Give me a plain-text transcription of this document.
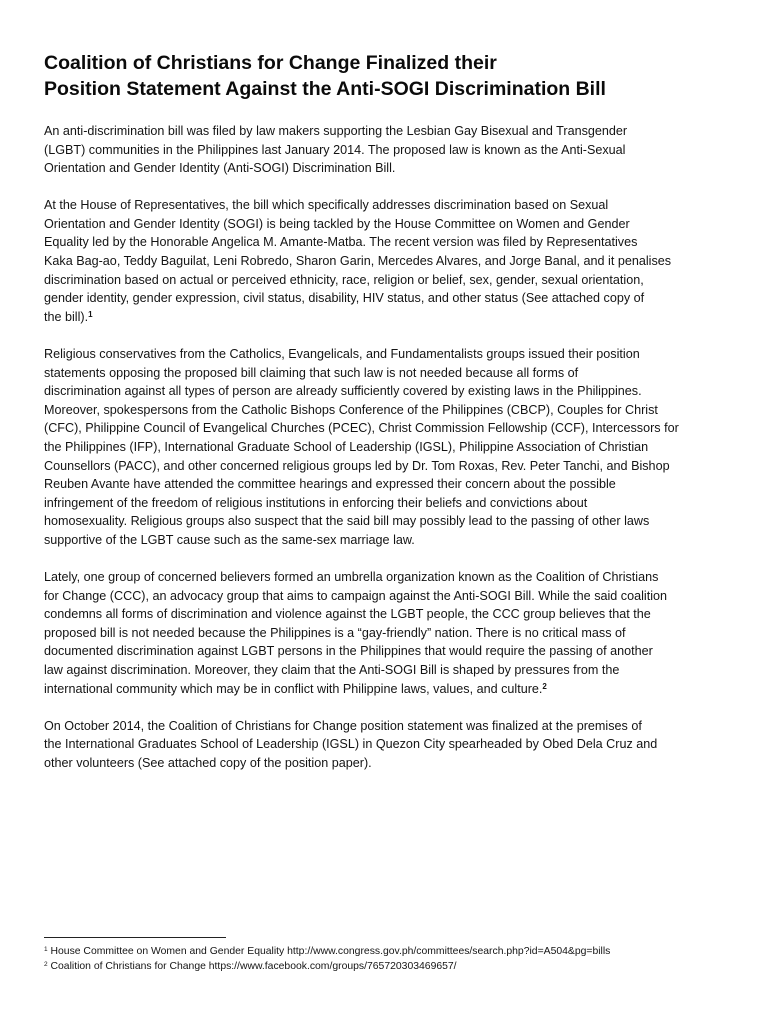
Coalition of Christians for Change Finalized their
Position Statement Against the Anti-SOGI Discrimination Bill

An anti-discrimination bill was filed by law makers supporting the Lesbian Gay Bisexual and Transgender
(LGBT) communities in the Philippines last January 2014. The proposed law is known as the Anti-Sexual
Orientation and Gender Identity (Anti-SOGI) Discrimination Bill.

At the House of Representatives, the bill which specifically addresses discrimination based on Sexual
Orientation and Gender Identity (SOGI) is being tackled by the House Committee on Women and Gender
Equality led by the Honorable Angelica M. Amante-Matba. The recent version was filed by Representatives
Kaka Bag-ao, Teddy Baguilat, Leni Robredo, Sharon Garin, Mercedes Alvares, and Jorge Banal, and it penalises
discrimination based on actual or perceived ethnicity, race, religion or belief, sex, gender, sexual orientation,
gender identity, gender expression, civil status, disability, HIV status, and other status (See attached copy of
the bill).$^1$

Religious conservatives from the Catholics, Evangelicals, and Fundamentalists groups issued their position
statements opposing the proposed bill claiming that such law is not needed because all forms of
discrimination against all types of person are already sufficiently covered by existing laws in the Philippines.
Moreover, spokespersons from the Catholic Bishops Conference of the Philippines (CBCP), Couples for Christ
(CFC), Philippine Council of Evangelical Churches (PCEC), Christ Commission Fellowship (CCF), Intercessors for
the Philippines (IFP), International Graduate School of Leadership (IGSL), Philippine Association of Christian
Counsellors (PACC), and other concerned religious groups led by Dr. Tom Roxas, Rev. Peter Tanchi, and Bishop
Reuben Avante have attended the committee hearings and expressed their concern about the possible
infringement of the freedom of religious institutions in enforcing their beliefs and convictions about
homosexuality. Religious groups also suspect that the said bill may possibly lead to the passing of other laws
supportive of the LGBT cause such as the same-sex marriage law.

Lately, one group of concerned believers formed an umbrella organization known as the Coalition of Christians
for Change (CCC), an advocacy group that aims to campaign against the Anti-SOGI Bill. While the said coalition
condemns all forms of discrimination and violence against the LGBT people, the CCC group believes that the
proposed bill is not needed because the Philippines is a “gay-friendly” nation. There is no critical mass of
documented discrimination against LGBT persons in the Philippines that would require the passing of another
law against discrimination. Moreover, they claim that the Anti-SOGI Bill is shaped by pressures from the
international community which may be in conflict with Philippine laws, values, and culture.$^2$

On October 2014, the Coalition of Christians for Change position statement was finalized at the premises of
the International Graduates School of Leadership (IGSL) in Quezon City spearheaded by Obed Dela Cruz and
other volunteers (See attached copy of the position paper).

$^1$ House Committee on Women and Gender Equality http://www.congress.gov.ph/committees/search.php?id=A504&pg=bills
$^2$ Coalition of Christians for Change https://www.facebook.com/groups/765720303469657/
